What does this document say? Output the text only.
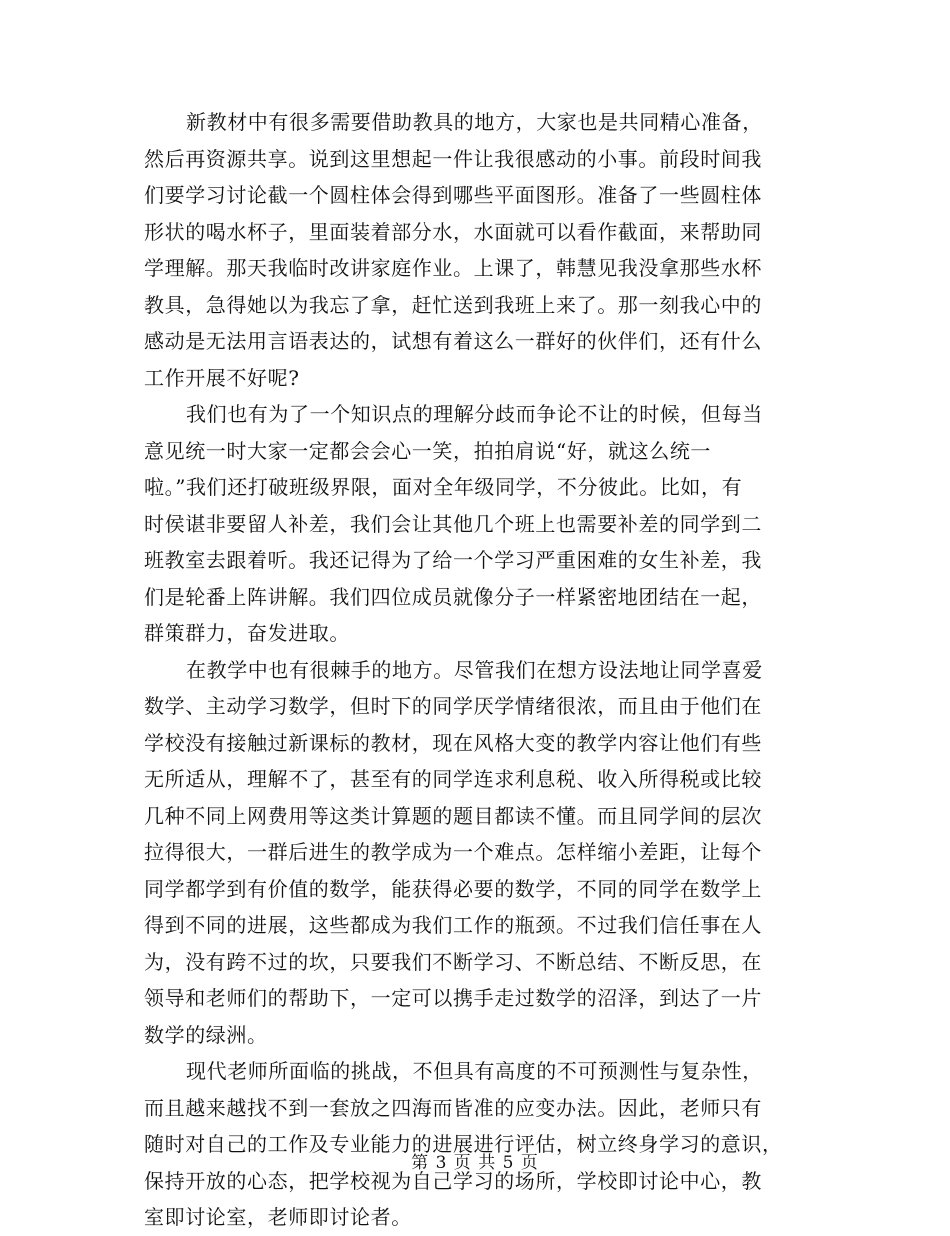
新教材中有很多需要借助教具的地方，大家也是共同精心准备，
然后再资源共享。说到这里想起一件让我很感动的小事。前段时间我
们要学习讨论截一个圆柱体会得到哪些平面图形。准备了一些圆柱体
形状的喝水杯子，里面装着部分水，水面就可以看作截面，来帮助同
学理解。那天我临时改讲家庭作业。上课了，韩慧见我没拿那些水杯
教具，急得她以为我忘了拿，赶忙送到我班上来了。那一刻我心中的
感动是无法用言语表达的，试想有着这么一群好的伙伴们，还有什么
工作开展不好呢?
我们也有为了一个知识点的理解分歧而争论不让的时候，但每当
意见统一时大家一定都会会心一笑，拍拍肩说“好，就这么统一
啦。”我们还打破班级界限，面对全年级同学，不分彼此。比如，有
时侯谌非要留人补差，我们会让其他几个班上也需要补差的同学到二
班教室去跟着听。我还记得为了给一个学习严重困难的女生补差，我
们是轮番上阵讲解。我们四位成员就像分子一样紧密地团结在一起，
群策群力，奋发进取。
在教学中也有很棘手的地方。尽管我们在想方设法地让同学喜爱
数学、主动学习数学，但时下的同学厌学情绪很浓，而且由于他们在
学校没有接触过新课标的教材，现在风格大变的教学内容让他们有些
无所适从，理解不了，甚至有的同学连求利息税、收入所得税或比较
几种不同上网费用等这类计算题的题目都读不懂。而且同学间的层次
拉得很大，一群后进生的教学成为一个难点。怎样缩小差距，让每个
同学都学到有价值的数学，能获得必要的数学，不同的同学在数学上
得到不同的进展，这些都成为我们工作的瓶颈。不过我们信任事在人
为，没有跨不过的坎，只要我们不断学习、不断总结、不断反思，在
领导和老师们的帮助下，一定可以携手走过数学的沼泽，到达了一片
数学的绿洲。
现代老师所面临的挑战，不但具有高度的不可预测性与复杂性，
而且越来越找不到一套放之四海而皆准的应变办法。因此，老师只有
随时对自己的工作及专业能力的进展进行评估，树立终身学习的意识，
保持开放的心态，把学校视为自己学习的场所，学校即讨论中心，教
室即讨论室，老师即讨论者。
第 3 页 共 5 页
